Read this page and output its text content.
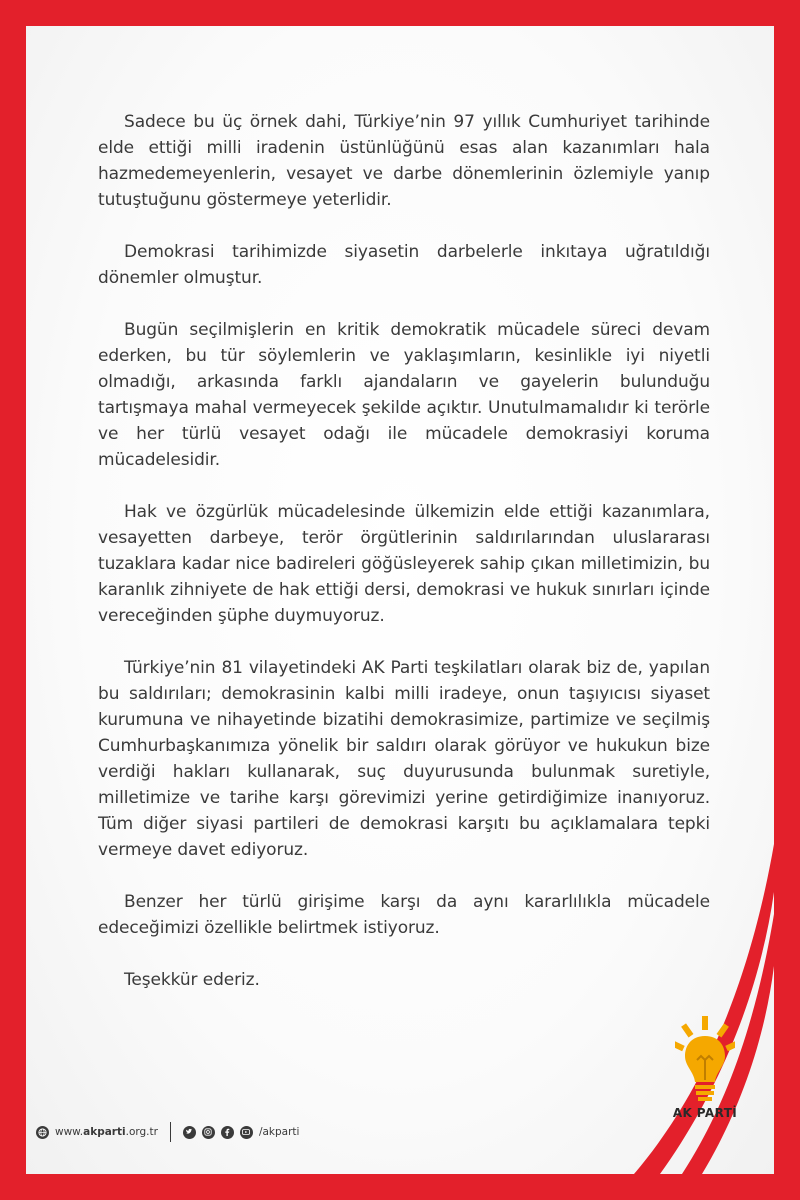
Sadece bu üç örnek dahi, Türkiye’nin 97 yıllık Cumhuriyet tarihinde elde ettiği milli iradenin üstünlüğünü esas alan kazanımları hala hazmedemeyenlerin, vesayet ve darbe dönemlerinin özlemiyle yanıp tutuştuğunu göstermeye yeterlidir.

Demokrasi tarihimizde siyasetin darbelerle inkıtaya uğratıldığı dönemler olmuştur.

Bugün seçilmişlerin en kritik demokratik mücadele süreci devam ederken, bu tür söylemlerin ve yaklaşımların, kesinlikle iyi niyetli olmadığı, arkasında farklı ajandaların ve gayelerin bulunduğu tartışmaya mahal vermeyecek şekilde açıktır. Unutulmamalıdır ki terörle ve her türlü vesayet odağı ile mücadele demokrasiyi koruma mücadelesidir.

Hak ve özgürlük mücadelesinde ülkemizin elde ettiği kazanımlara, vesayetten darbeye, terör örgütlerinin saldırılarından uluslararası tuzaklara kadar nice badireleri göğüsleyerek sahip çıkan milletimizin, bu karanlık zihniyete de hak ettiği dersi, demokrasi ve hukuk sınırları içinde vereceğinden şüphe duymuyoruz.

Türkiye’nin 81 vilayetindeki AK Parti teşkilatları olarak biz de, yapılan bu saldırıları; demokrasinin kalbi milli iradeye, onun taşıyıcısı siyaset kurumuna ve nihayetinde bizatihi demokrasimize, partimize ve seçilmiş Cumhurbaşkanımıza yönelik bir saldırı olarak görüyor ve hukukun bize verdiği hakları kullanarak, suç duyurusunda bulunmak suretiyle, milletimize ve tarihe karşı görevimizi yerine getirdiğimize inanıyoruz. Tüm diğer siyasi partileri de demokrasi karşıtı bu açıklamalara tepki vermeye davet ediyoruz.

Benzer her türlü girişime karşı da aynı kararlılıkla mücadele edeceğimizi özellikle belirtmek istiyoruz.

Teşekkür ederiz.

AK PARTİ
www.akparti.org.tr	/akparti
